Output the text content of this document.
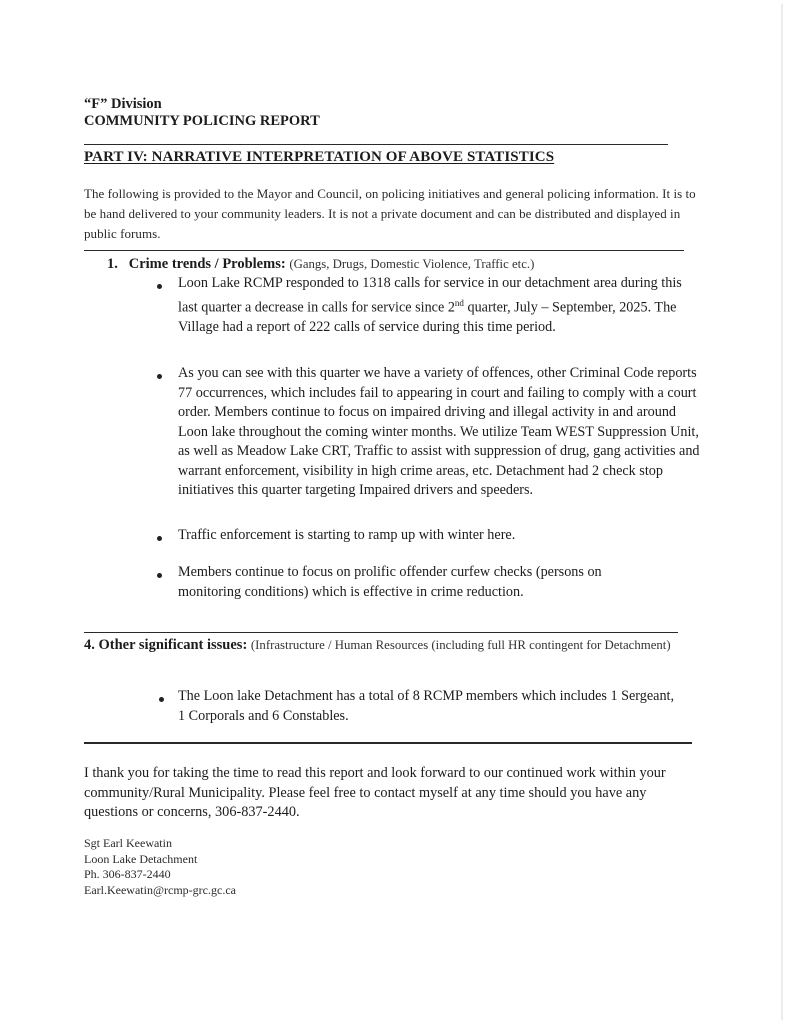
“F” Division
COMMUNITY POLICING REPORT
PART IV: NARRATIVE INTERPRETATION OF ABOVE STATISTICS
The following is provided to the Mayor and Council, on policing initiatives and general policing information. It is to be hand delivered to your community leaders. It is not a private document and can be distributed and displayed in public forums.
1. Crime trends / Problems: (Gangs, Drugs, Domestic Violence, Traffic etc.)
Loon Lake RCMP responded to 1318 calls for service in our detachment area during this last quarter a decrease in calls for service since 2nd quarter, July – September, 2025. The Village had a report of 222 calls of service during this time period.
As you can see with this quarter we have a variety of offences, other Criminal Code reports 77 occurrences, which includes fail to appearing in court and failing to comply with a court order. Members continue to focus on impaired driving and illegal activity in and around Loon lake throughout the coming winter months. We utilize Team WEST Suppression Unit, as well as Meadow Lake CRT, Traffic to assist with suppression of drug, gang activities and warrant enforcement, visibility in high crime areas, etc. Detachment had 2 check stop initiatives this quarter targeting Impaired drivers and speeders.
Traffic enforcement is starting to ramp up with winter here.
Members continue to focus on prolific offender curfew checks (persons on monitoring conditions) which is effective in crime reduction.
4. Other significant issues: (Infrastructure / Human Resources (including full HR contingent for Detachment)
The Loon lake Detachment has a total of 8 RCMP members which includes 1 Sergeant, 1 Corporals and 6 Constables.
I thank you for taking the time to read this report and look forward to our continued work within your community/Rural Municipality. Please feel free to contact myself at any time should you have any questions or concerns, 306-837-2440.
Sgt Earl Keewatin
Loon Lake Detachment
Ph. 306-837-2440
Earl.Keewatin@rcmp-grc.gc.ca
